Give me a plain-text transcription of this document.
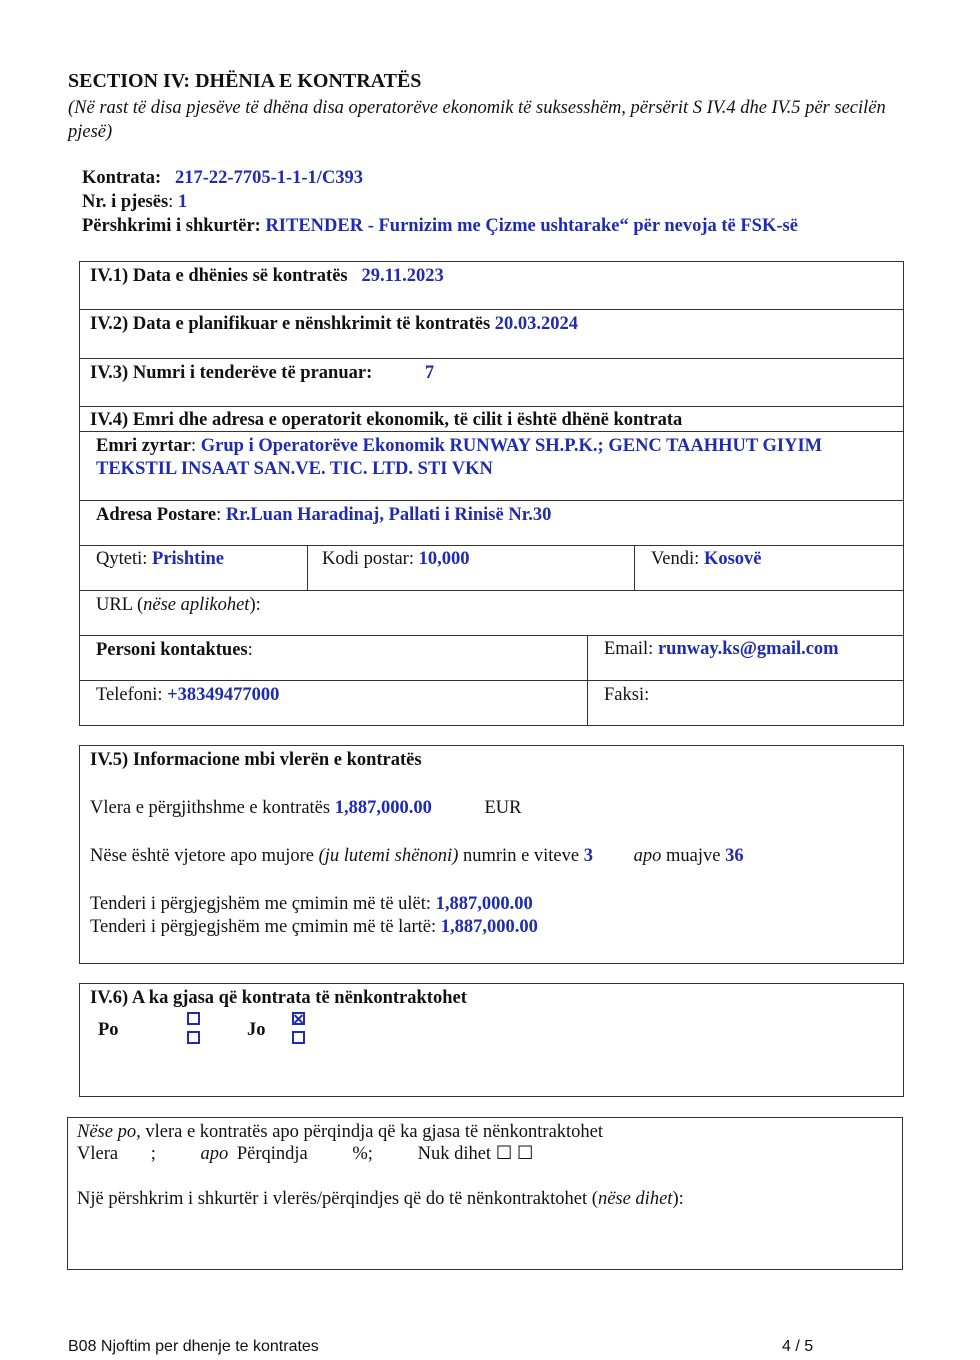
SECTION IV: DHËNIA E KONTRATËS
(Në rast të disa pjesëve të dhëna disa operatorëve ekonomik të suksesshëm, përsërit S IV.4 dhe IV.5 për secilën pjesë)
Kontrata: 217-22-7705-1-1-1/C393
Nr. i pjesës: 1
Përshkrimi i shkurtër: RITENDER - Furnizim me Çizme ushtarake“ për nevoja të FSK-së
IV.1) Data e dhënies së kontratës 29.11.2023
IV.2) Data e planifikuar e nënshkrimit të kontratës 20.03.2024
IV.3) Numri i tenderëve të pranuar:	7
IV.4) Emri dhe adresa e operatorit ekonomik, të cilit i është dhënë kontrata
Emri zyrtar: Grup i Operatorëve Ekonomik RUNWAY SH.P.K.; GENC TAAHHUT GIYIM
TEKSTIL INSAAT SAN.VE. TIC. LTD. STI VKN
Adresa Postare: Rr.Luan Haradinaj, Pallati i Rinisë Nr.30
Qyteti: Prishtine	Kodi postar: 10,000	Vendi: Kosovë
URL (nëse aplikohet):
Personi kontaktues:	Email: runway.ks@gmail.com
Telefoni: +38349477000	Faksi:
IV.5) Informacione mbi vlerën e kontratës
Vlera e përgjithshme e kontratës 1,887,000.00	EUR
Nëse është vjetore apo mujore (ju lutemi shënoni) numrin e viteve 3 apo muajve 36
Tenderi i përgjegjshëm me çmimin më të ulët: 1,887,000.00
Tenderi i përgjegjshëm me çmimin më të lartë: 1,887,000.00
IV.6) A ka gjasa që kontrata të nënkontraktohet
Po	Jo
Nëse po, vlera e kontratës apo përqindja që ka gjasa të nënkontraktohet
Vlera ; apo Përqindja %; Nuk dihet ☐ ☐
Një përshkrim i shkurtër i vlerës/përqindjes që do të nënkontraktohet (nëse dihet):
B08 Njoftim per dhenje te kontrates	4 / 5
